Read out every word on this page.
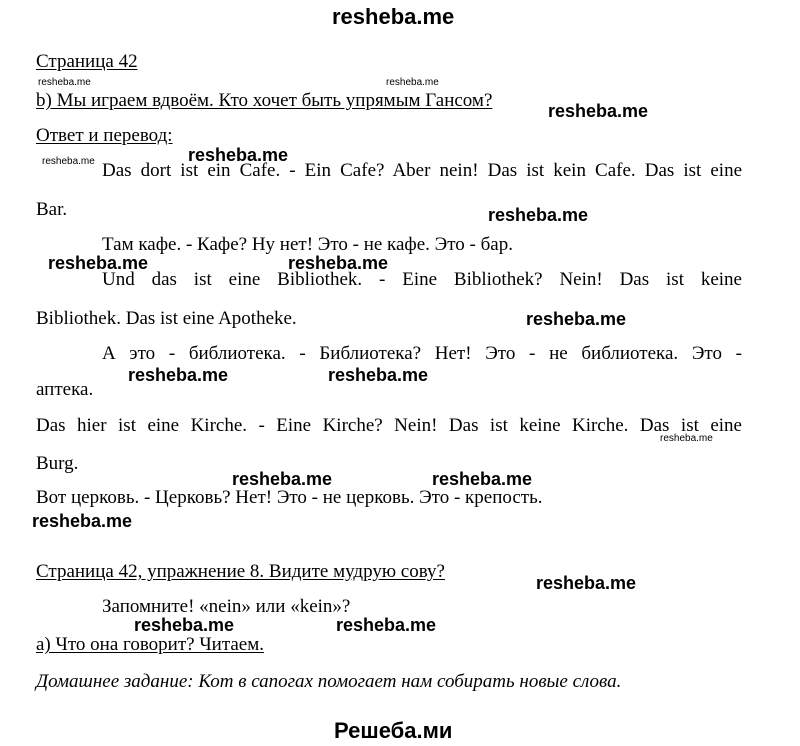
resheba.me
Страница 42
b) Мы играем вдвоём. Кто хочет быть упрямым Гансом?
Ответ и перевод:
Das dort ist ein Cafe. - Ein Cafe? Aber nein! Das ist kein Cafe. Das ist eine
Bar.
Там кафе. - Кафе? Ну нет! Это - не кафе. Это - бар.
Und das ist eine Bibliothek. - Eine Bibliothek? Nein! Das ist keine
Bibliothek. Das ist eine Apotheke.
А это - библиотека. - Библиотека? Нет! Это - не библиотека. Это -
аптека.
Das hier ist eine Kirche. - Eine Kirche? Nein! Das ist keine Kirche. Das ist eine
Burg.
Вот церковь. - Церковь? Нет! Это - не церковь. Это - крепость.
Страница 42, упражнение 8. Видите мудрую сову?
Запомните! «nein» или «kein»?
а) Что она говорит? Читаем.
Домашнее задание: Кот в сапогах помогает нам собирать новые слова.
Решеба.ми
resheba.me
resheba.me
resheba.me
resheba.me	resheba.me
resheba.me
resheba.me	resheba.me
resheba.me	resheba.me
resheba.me
resheba.me
resheba.me	resheba.me
resheba.me	resheba.me
resheba.me
resheba.me
